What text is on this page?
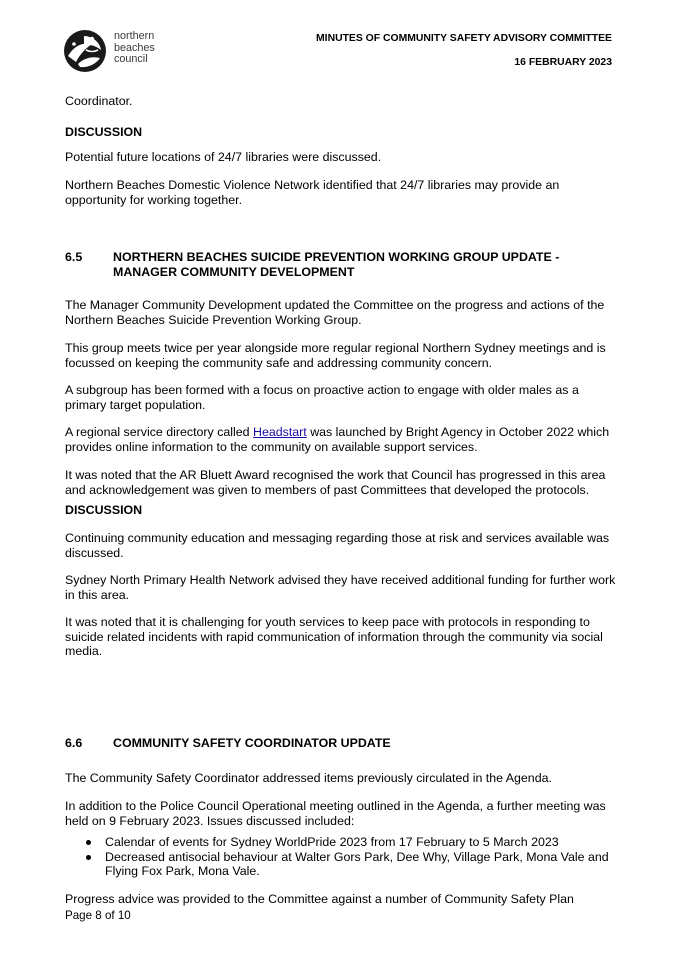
northern
beaches
council
MINUTES OF COMMUNITY SAFETY ADVISORY COMMITTEE
16 FEBRUARY 2023

Coordinator.

DISCUSSION

Potential future locations of 24/7 libraries were discussed.

Northern Beaches Domestic Violence Network identified that 24/7 libraries may provide an opportunity for working together.

6.5 NORTHERN BEACHES SUICIDE PREVENTION WORKING GROUP UPDATE - MANAGER COMMUNITY DEVELOPMENT

The Manager Community Development updated the Committee on the progress and actions of the Northern Beaches Suicide Prevention Working Group.

This group meets twice per year alongside more regular regional Northern Sydney meetings and is focussed on keeping the community safe and addressing community concern.

A subgroup has been formed with a focus on proactive action to engage with older males as a primary target population.

A regional service directory called Headstart was launched by Bright Agency in October 2022 which provides online information to the community on available support services.

It was noted that the AR Bluett Award recognised the work that Council has progressed in this area and acknowledgement was given to members of past Committees that developed the protocols.

DISCUSSION

Continuing community education and messaging regarding those at risk and services available was discussed.

Sydney North Primary Health Network advised they have received additional funding for further work in this area.

It was noted that it is challenging for youth services to keep pace with protocols in responding to suicide related incidents with rapid communication of information through the community via social media.

6.6 COMMUNITY SAFETY COORDINATOR UPDATE

The Community Safety Coordinator addressed items previously circulated in the Agenda.

In addition to the Police Council Operational meeting outlined in the Agenda, a further meeting was held on 9 February 2023. Issues discussed included:

Calendar of events for Sydney WorldPride 2023 from 17 February to 5 March 2023
Decreased antisocial behaviour at Walter Gors Park, Dee Why, Village Park, Mona Vale and Flying Fox Park, Mona Vale.

Progress advice was provided to the Committee against a number of Community Safety Plan

Page 8 of 10
